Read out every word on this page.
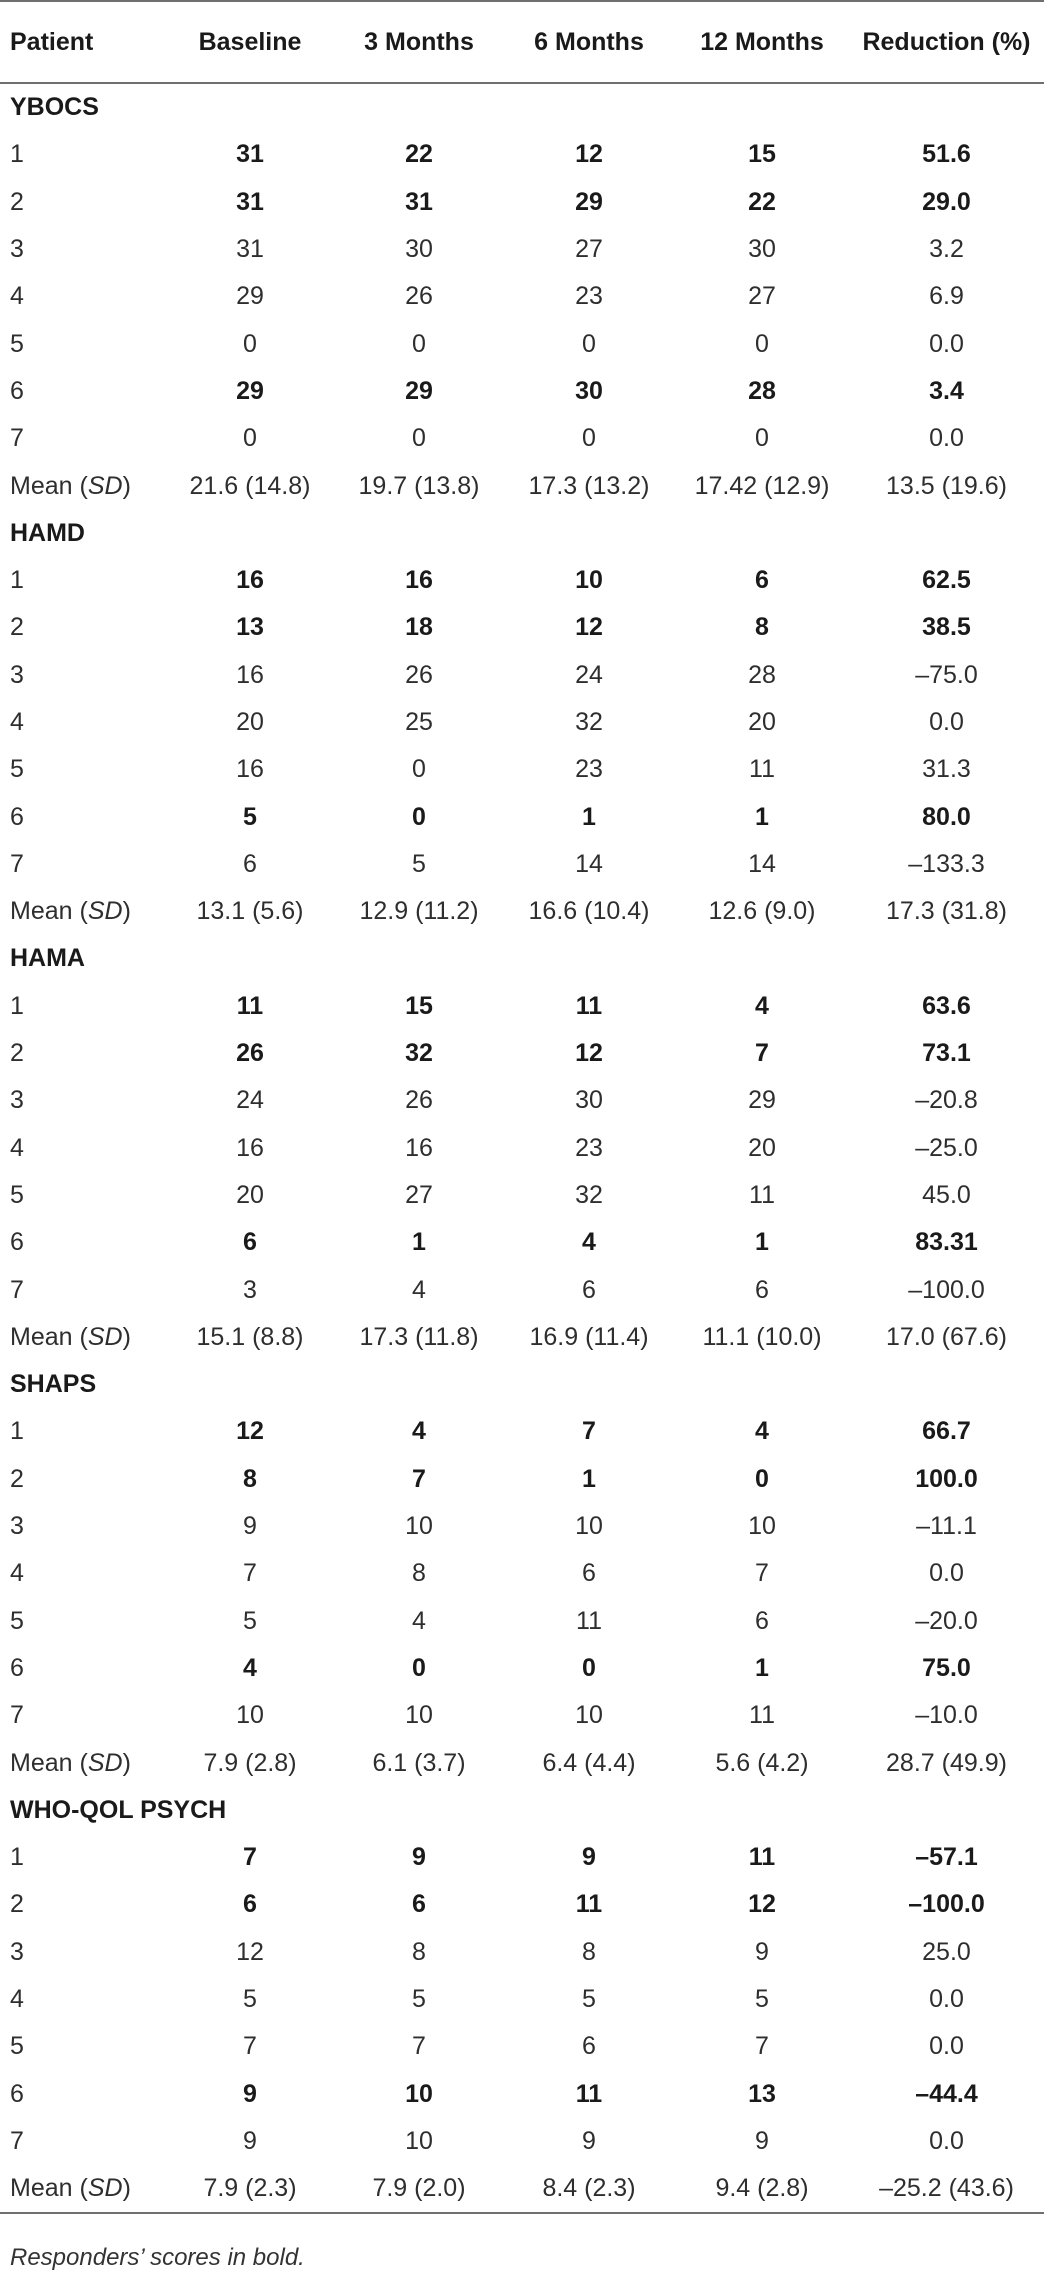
Patient	Baseline	3 Months	6 Months	12 Months	Reduction (%)
YBOCS					
1	31	22	12	15	51.6
2	31	31	29	22	29.0
3	31	30	27	30	3.2
4	29	26	23	27	6.9
5	0	0	0	0	0.0
6	29	29	30	28	3.4
7	0	0	0	0	0.0
Mean (SD)	21.6 (14.8)	19.7 (13.8)	17.3 (13.2)	17.42 (12.9)	13.5 (19.6)
HAMD					
1	16	16	10	6	62.5
2	13	18	12	8	38.5
3	16	26	24	28	–75.0
4	20	25	32	20	0.0
5	16	0	23	11	31.3
6	5	0	1	1	80.0
7	6	5	14	14	–133.3
Mean (SD)	13.1 (5.6)	12.9 (11.2)	16.6 (10.4)	12.6 (9.0)	17.3 (31.8)
HAMA					
1	11	15	11	4	63.6
2	26	32	12	7	73.1
3	24	26	30	29	–20.8
4	16	16	23	20	–25.0
5	20	27	32	11	45.0
6	6	1	4	1	83.31
7	3	4	6	6	–100.0
Mean (SD)	15.1 (8.8)	17.3 (11.8)	16.9 (11.4)	11.1 (10.0)	17.0 (67.6)
SHAPS					
1	12	4	7	4	66.7
2	8	7	1	0	100.0
3	9	10	10	10	–11.1
4	7	8	6	7	0.0
5	5	4	11	6	–20.0
6	4	0	0	1	75.0
7	10	10	10	11	–10.0
Mean (SD)	7.9 (2.8)	6.1 (3.7)	6.4 (4.4)	5.6 (4.2)	28.7 (49.9)
WHO-QOL PSYCH					
1	7	9	9	11	–57.1
2	6	6	11	12	–100.0
3	12	8	8	9	25.0
4	5	5	5	5	0.0
5	7	7	6	7	0.0
6	9	10	11	13	–44.4
7	9	10	9	9	0.0
Mean (SD)	7.9 (2.3)	7.9 (2.0)	8.4 (2.3)	9.4 (2.8)	–25.2 (43.6)
Responders’ scores in bold.
